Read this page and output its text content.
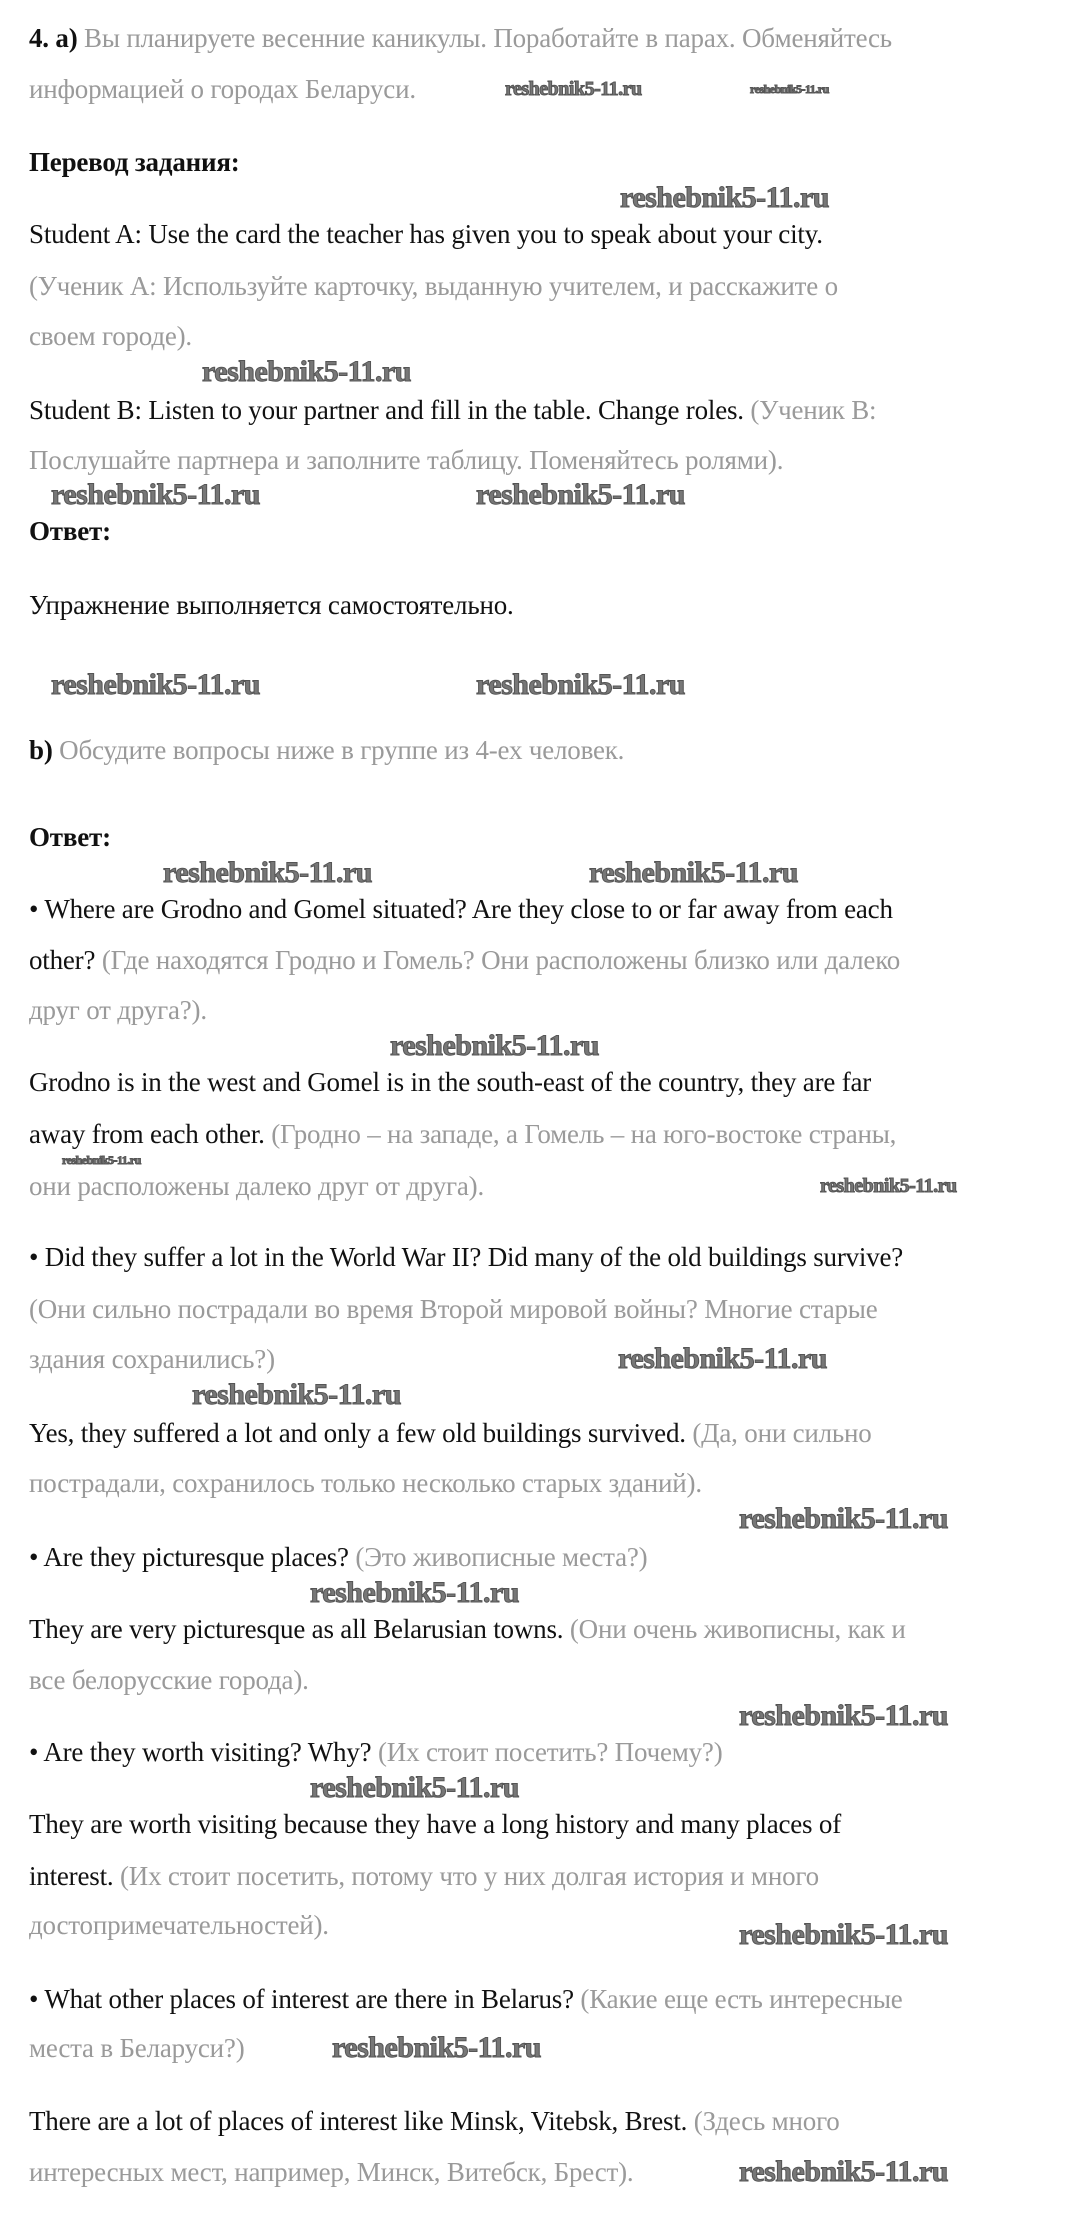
4. а) Вы планируете весенние каникулы. Поработайте в парах. Обменяйтесь
информацией о городах Беларуси.
Перевод задания:
Student A: Use the card the teacher has given you to speak about your city.
(Ученик А: Используйте карточку, выданную учителем, и расскажите о
своем городе).
Student B: Listen to your partner and fill in the table. Change roles. (Ученик В:
Послушайте партнера и заполните таблицу. Поменяйтесь ролями).
Ответ:
Упражнение выполняется самостоятельно.
b) Обсудите вопросы ниже в группе из 4-ех человек.
Ответ:
• Where are Grodno and Gomel situated? Are they close to or far away from each
other? (Где находятся Гродно и Гомель? Они расположены близко или далеко
друг от друга?).
Grodno is in the west and Gomel is in the south-east of the country, they are far
away from each other. (Гродно – на западе, а Гомель – на юго-востоке страны,
они расположены далеко друг от друга).
• Did they suffer a lot in the World War II? Did many of the old buildings survive?
(Они сильно пострадали во время Второй мировой войны? Многие старые
здания сохранились?)
Yes, they suffered a lot and only a few old buildings survived. (Да, они сильно
пострадали, сохранилось только несколько старых зданий).
• Are they picturesque places? (Это живописные места?)
They are very picturesque as all Belarusian towns. (Они очень живописны, как и
все белорусские города).
• Are they worth visiting? Why? (Их стоит посетить? Почему?)
They are worth visiting because they have a long history and many places of
interest. (Их стоит посетить, потому что у них долгая история и много
достопримечательностей).
• What other places of interest are there in Belarus? (Какие еще есть интересные
места в Беларуси?)
There are a lot of places of interest like Minsk, Vitebsk, Brest. (Здесь много
интересных мест, например, Минск, Витебск, Брест).
reshebnik5-11.ru	reshebnik5-11.ru
reshebnik5-11.ru
reshebnik5-11.ru
reshebnik5-11.ru	reshebnik5-11.ru
reshebnik5-11.ru	reshebnik5-11.ru
reshebnik5-11.ru	reshebnik5-11.ru
reshebnik5-11.ru
reshebnik5-11.ru
reshebnik5-11.ru
reshebnik5-11.ru
reshebnik5-11.ru
reshebnik5-11.ru
reshebnik5-11.ru
reshebnik5-11.ru
reshebnik5-11.ru
reshebnik5-11.ru
reshebnik5-11.ru
reshebnik5-11.ru
